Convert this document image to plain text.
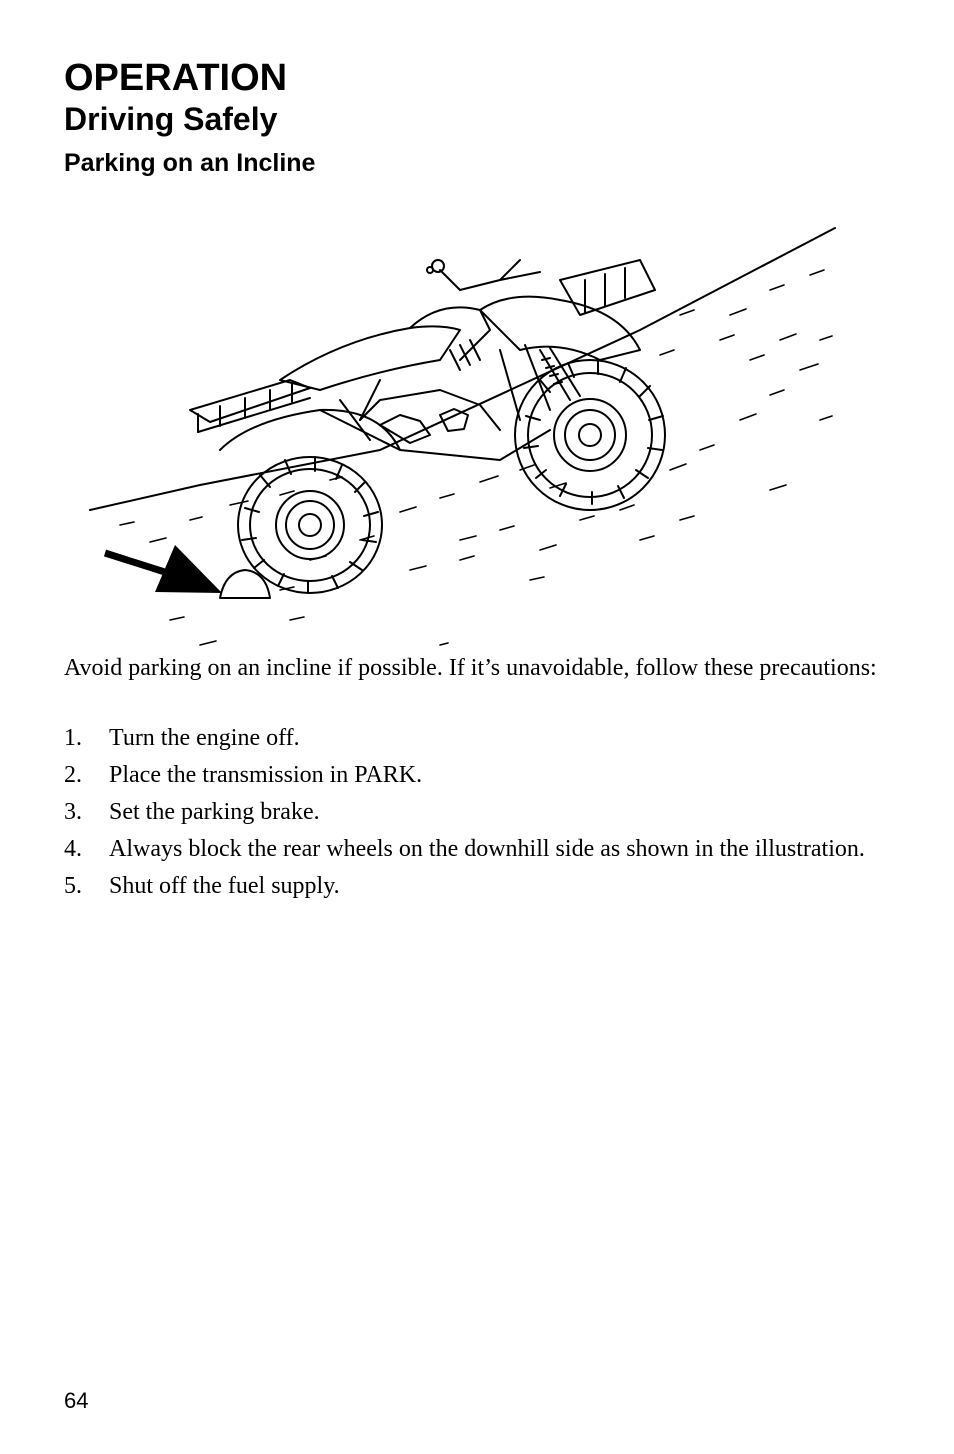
OPERATION
Driving Safely
Parking on an Incline

Avoid parking on an incline if possible. If it’s unavoidable, follow these precautions:

1.	Turn the engine off.
2.	Place the transmission in PARK.
3.	Set the parking brake.
4.	Always block the rear wheels on the downhill side as shown in the illustration.
5.	Shut off the fuel supply.
64
